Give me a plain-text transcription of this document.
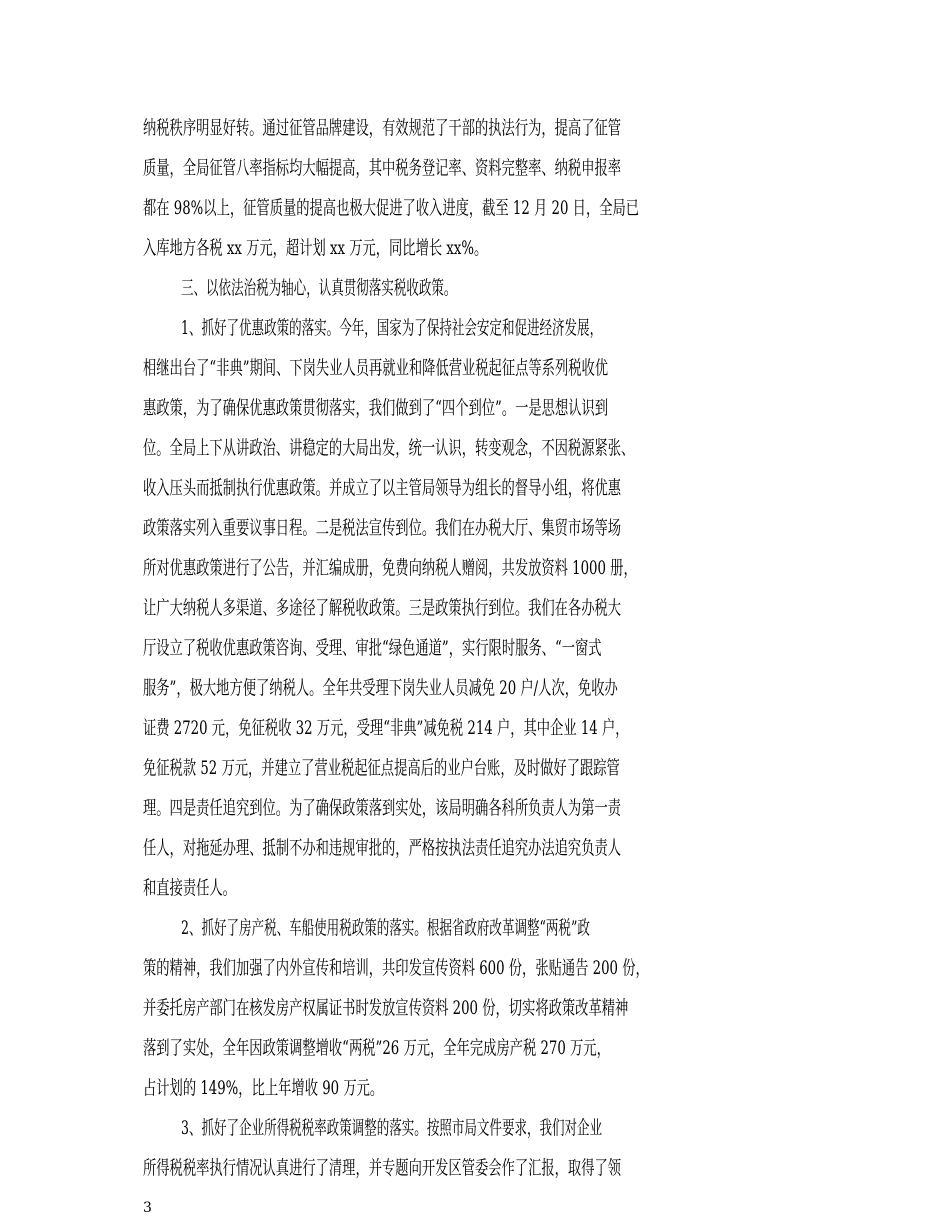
纳税秩序明显好转。通过征管品牌建设，有效规范了干部的执法行为，提高了征管
质量，全局征管八率指标均大幅提高，其中税务登记率、资料完整率、纳税申报率
都在 98%以上，征管质量的提高也极大促进了收入进度，截至 12 月 20 日，全局已
入库地方各税 xx 万元，超计划 xx 万元，同比增长 xx%。
三、以依法治税为轴心，认真贯彻落实税收政策。
1、抓好了优惠政策的落实。今年，国家为了保持社会安定和促进经济发展，
相继出台了“非典”期间、下岗失业人员再就业和降低营业税起征点等系列税收优
惠政策，为了确保优惠政策贯彻落实，我们做到了“四个到位”。一是思想认识到
位。全局上下从讲政治、讲稳定的大局出发，统一认识，转变观念，不因税源紧张、
收入压头而抵制执行优惠政策。并成立了以主管局领导为组长的督导小组，将优惠
政策落实列入重要议事日程。二是税法宣传到位。我们在办税大厅、集贸市场等场
所对优惠政策进行了公告，并汇编成册，免费向纳税人赠阅，共发放资料 1000 册，
让广大纳税人多渠道、多途径了解税收政策。三是政策执行到位。我们在各办税大
厅设立了税收优惠政策咨询、受理、审批“绿色通道”，实行限时服务、“一窗式
服务”，极大地方便了纳税人。全年共受理下岗失业人员减免 20 户/人次，免收办
证费 2720 元，免征税收 32 万元，受理“非典”减免税 214 户，其中企业 14 户，
免征税款 52 万元，并建立了营业税起征点提高后的业户台账，及时做好了跟踪管
理。四是责任追究到位。为了确保政策落到实处，该局明确各科所负责人为第一责
任人，对拖延办理、抵制不办和违规审批的，严格按执法责任追究办法追究负责人
和直接责任人。
2、抓好了房产税、车船使用税政策的落实。根据省政府改革调整“两税”政
策的精神，我们加强了内外宣传和培训，共印发宣传资料 600 份，张贴通告 200 份，
并委托房产部门在核发房产权属证书时发放宣传资料 200 份，切实将政策改革精神
落到了实处，全年因政策调整增收“两税”26 万元，全年完成房产税 270 万元，
占计划的 149%，比上年增收 90 万元。
3、抓好了企业所得税税率政策调整的落实。按照市局文件要求，我们对企业
所得税税率执行情况认真进行了清理，并专题向开发区管委会作了汇报，取得了领
3
